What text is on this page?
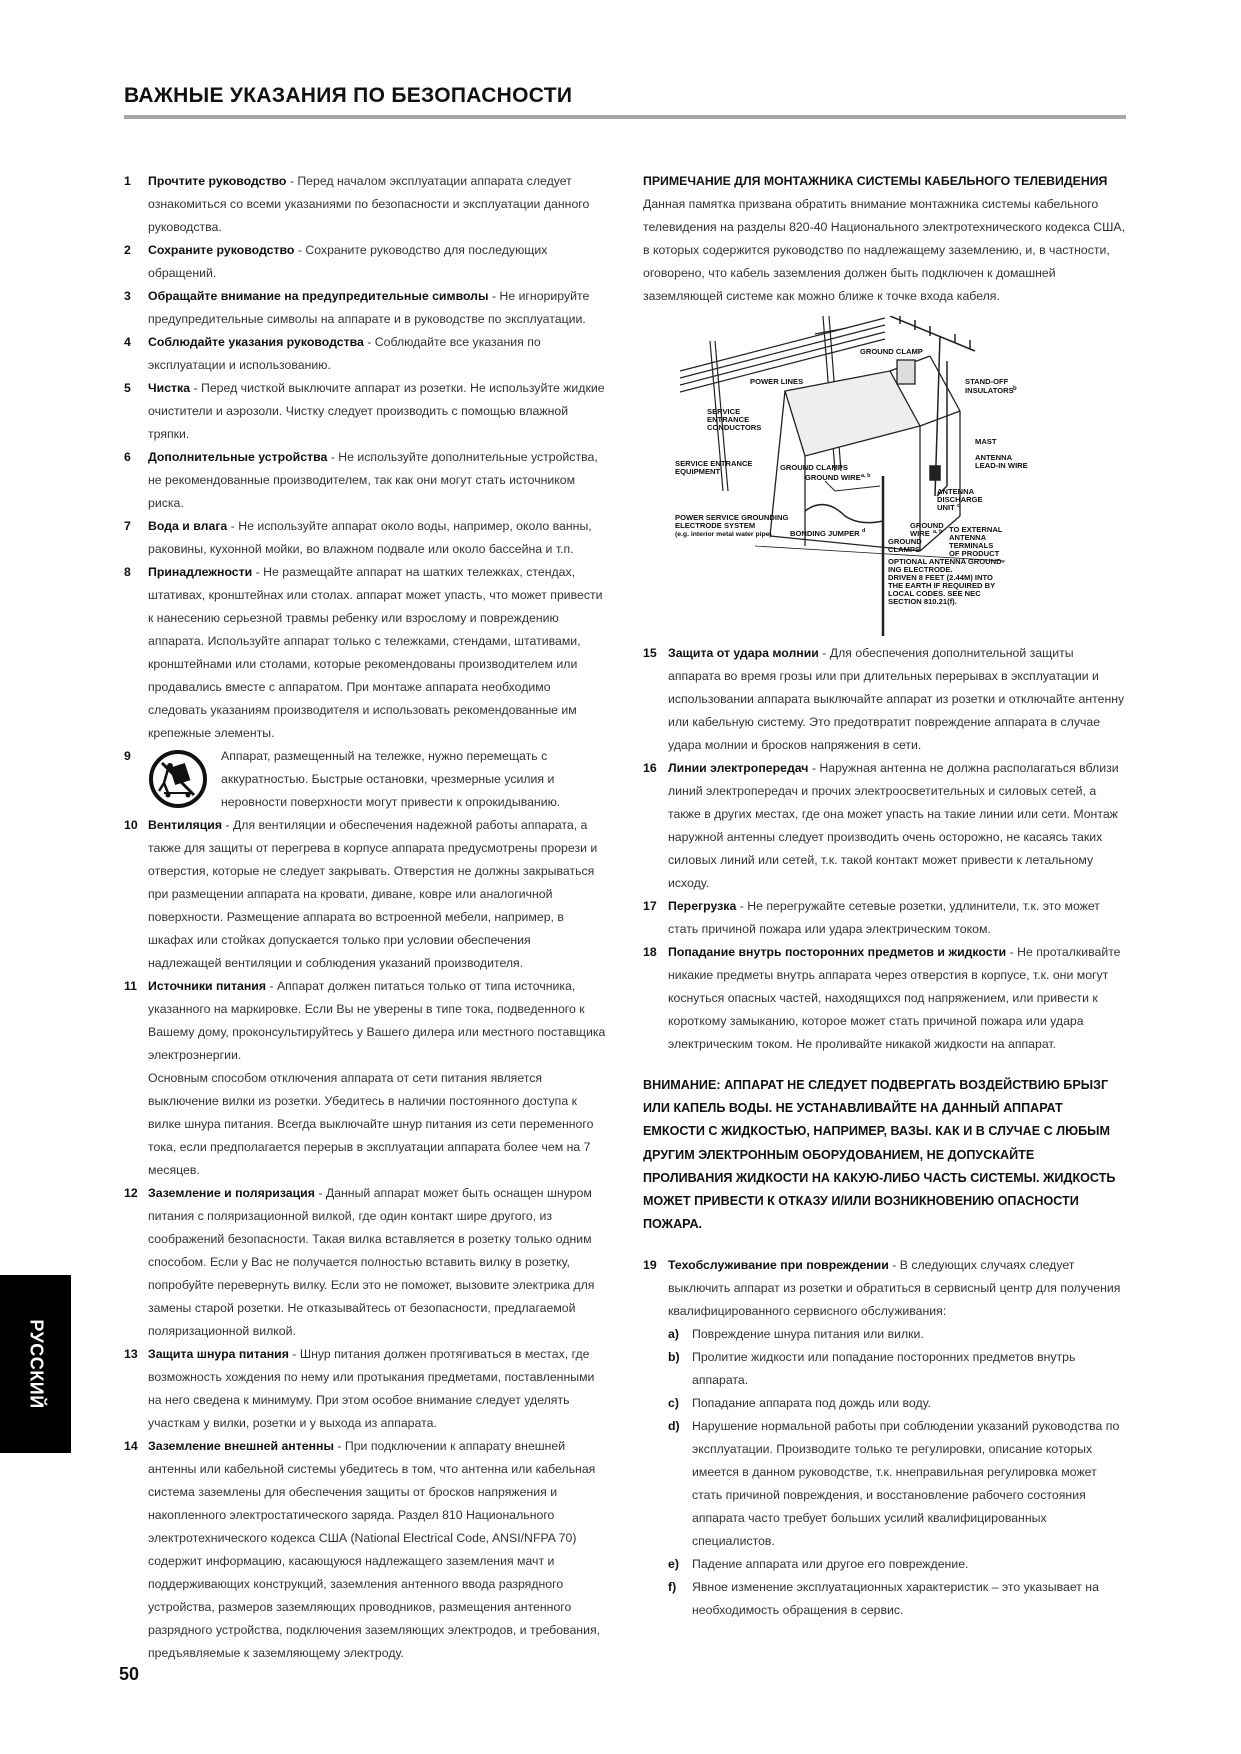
ВАЖНЫЕ УКАЗАНИЯ ПО БЕЗОПАСНОСТИ
1 Прочтите руководство - Перед началом эксплуатации аппарата следует ознакомиться со всеми указаниями по безопасности и эксплуатации данного руководства.
2 Сохраните руководство - Сохраните руководство для последующих обращений.
3 Обращайте внимание на предупредительные символы - Не игнорируйте предупредительные символы на аппарате и в руководстве по эксплуатации.
4 Соблюдайте указания руководства - Соблюдайте все указания по эксплуатации и использованию.
5 Чистка - Перед чисткой выключите аппарат из розетки. Не используйте жидкие очистители и аэрозоли. Чистку следует производить с помощью влажной тряпки.
6 Дополнительные устройства - Не используйте дополнительные устройства, не рекомендованные производителем, так как они могут стать источником риска.
7 Вода и влага - Не используйте аппарат около воды, например, около ванны, раковины, кухонной мойки, во влажном подвале или около бассейна и т.п.
8 Принадлежности - Не размещайте аппарат на шатких тележках, стендах, штативах, кронштейнах или столах. аппарат может упасть, что может привести к нанесению серьезной травмы ребенку или взрослому и повреждению аппарата. Используйте аппарат только с тележками, стендами, штативами, кронштейнами или столами, которые рекомендованы производителем или продавались вместе с аппаратом. При монтаже аппарата необходимо следовать указаниям производителя и использовать рекомендованные им крепежные элементы.
9	Аппарат, размещенный на тележке, нужно перемещать с аккуратностью. Быстрые остановки, чрезмерные усилия и неровности поверхности могут привести к опрокидыванию.
10 Вентиляция - Для вентиляции и обеспечения надежной работы аппарата, а также для защиты от перегрева в корпусе аппарата предусмотрены прорези и отверстия, которые не следует закрывать. Отверстия не должны закрываться при размещении аппарата на кровати, диване, ковре или аналогичной поверхности. Размещение аппарата во встроенной мебели, например, в шкафах или стойках допускается только при условии обеспечения надлежащей вентиляции и соблюдения указаний производителя.
11 Источники питания - Аппарат должен питаться только от типа источника, указанного на маркировке. Если Вы не уверены в типе тока, подведенного к Вашему дому, проконсультируйтесь у Вашего дилера или местного поставщика электроэнергии.

Основным способом отключения аппарата от сети питания является выключение вилки из розетки. Убедитесь в наличии постоянного доступа к вилке шнура питания. Всегда выключайте шнур питания из сети переменного тока, если предполагается перерыв в эксплуатации аппарата более чем на 7 месяцев.

12 Заземление и поляризация - Данный аппарат может быть оснащен шнуром питания с поляризационной вилкой, где один контакт шире другого, из соображений безопасности. Такая вилка вставляется в розетку только одним способом. Если у Вас не получается полностью вставить вилку в розетку, попробуйте перевернуть вилку. Если это не поможет, вызовите электрика для замены старой розетки. Не отказывайтесь от безопасности, предлагаемой поляризационной вилкой.
13 Защита шнура питания - Шнур питания должен протягиваться в местах, где возможность хождения по нему или протыкания предметами, поставленными на него сведена к минимуму. При этом особое внимание следует уделять участкам у вилки, розетки и у выхода из аппарата.
14 Заземление внешней антенны - При подключении к аппарату внешней антенны или кабельной системы убедитесь в том, что антенна или кабельная система заземлены для обеспечения защиты от бросков напряжения и накопленного электростатического заряда. Раздел 810 Национального электротехнического кодекса США (National Electrical Code, ANSI/NFPA 70) содержит информацию, касающуюся надлежащего заземления мачт и поддерживающих конструкций, заземления антенного ввода разрядного устройства, размеров заземляющих проводников, размещения антенного разрядного устройства, подключения заземляющих электродов, и требования, предъявляемые к заземляющему электроду.
ПРИМЕЧАНИЕ ДЛЯ МОНТАЖНИКА СИСТЕМЫ КАБЕЛЬНОГО ТЕЛЕВИДЕНИЯ
Данная памятка призвана обратить внимание монтажника системы кабельного телевидения на разделы 820-40 Национального электротехнического кодекса США, в которых содержится руководство по надлежащему заземлению, и, в частности, оговорено, что кабель заземления должен быть подключен к домашней заземляющей системе как можно ближе к точке входа кабеля.
GROUND CLAMP
POWER LINES	STAND-OFF
INSULATORS b
SERVICE
ENTRANCE
CONDUCTORS
MAST
ANTENNA
LEAD-IN WIRE
SERVICE ENTRANCE
EQUIPMENT	GROUND CLAMPS
GROUND WIRE a, b
ANTENNA
DISCHARGE
UNIT c
POWER SERVICE GROUNDING
ELECTRODE SYSTEM
(e.g. interior metal water pipe) BONDING JUMPER d
GROUND
WIRE a, b
GROUND
CLAMPS
TO EXTERNAL
ANTENNA
TERMINALS
OF PRODUCT
OPTIONAL ANTENNA GROUND-
ING ELECTRODE.
DRIVEN 8 FEET (2.44M) INTO
THE EARTH IF REQUIRED BY
LOCAL CODES. SEE NEC
SECTION 810.21(f).
15 Защита от удара молнии - Для обеспечения дополнительной защиты аппарата во время грозы или при длительных перерывах в эксплуатации и использовании аппарата выключайте аппарат из розетки и отключайте антенну или кабельную систему. Это предотвратит повреждение аппарата в случае удара молнии и бросков напряжения в сети.
16 Линии электропередач - Наружная антенна не должна располагаться вблизи линий электропередач и прочих электроосветительных и силовых сетей, а также в других местах, где она может упасть на такие линии или сети. Монтаж наружной антенны следует производить очень осторожно, не касаясь таких силовых линий или сетей, т.к. такой контакт может привести к летальному исходу.
17 Перегрузка - Не перегружайте сетевые розетки, удлинители, т.к. это может стать причиной пожара или удара электрическим током.
18 Попадание внутрь посторонних предметов и жидкости - Не проталкивайте никакие предметы внутрь аппарата через отверстия в корпусе, т.к. они могут коснуться опасных частей, находящихся под напряжением, или привести к короткому замыканию, которое может стать причиной пожара или удара электрическим током. Не проливайте никакой жидкости на аппарат.
ВНИМАНИЕ: АППАРАТ НЕ СЛЕДУЕТ ПОДВЕРГАТЬ ВОЗДЕЙСТВИЮ БРЫЗГ ИЛИ КАПЕЛЬ ВОДЫ. НЕ УСТАНАВЛИВАЙТЕ НА ДАННЫЙ АППАРАТ ЕМКОСТИ С ЖИДКОСТЬЮ, НАПРИМЕР, ВАЗЫ. КАК И В СЛУЧАЕ С ЛЮБЫМ ДРУГИМ ЭЛЕКТРОННЫМ ОБОРУДОВАНИЕМ, НЕ ДОПУСКАЙТЕ ПРОЛИВАНИЯ ЖИДКОСТИ НА КАКУЮ-ЛИБО ЧАСТЬ СИСТЕМЫ. ЖИДКОСТЬ МОЖЕТ ПРИВЕСТИ К ОТКАЗУ И/ИЛИ ВОЗНИКНОВЕНИЮ ОПАСНОСТИ ПОЖАРА.
19 Техобслуживание при повреждении - В следующих случаях следует выключить аппарат из розетки и обратиться в сервисный центр для получения квалифицированного сервисного обслуживания:
a) Повреждение шнура питания или вилки.
b) Пролитие жидкости или попадание посторонних предметов внутрь аппарата.
c) Попадание аппарата под дождь или воду.
d) Нарушение нормальной работы при соблюдении указаний руководства по эксплуатации. Производите только те регулировки, описание которых имеется в данном руководстве, т.к. ннеправильная регулировка может стать причиной повреждения, и восстановление рабочего состояния аппарата часто требует больших усилий квалифицированных специалистов.
e) Падение аппарата или другое его повреждение.
f) Явное изменение эксплуатационных характеристик – это указывает на необходимость обращения в сервис.
РУССКИЙ
50
